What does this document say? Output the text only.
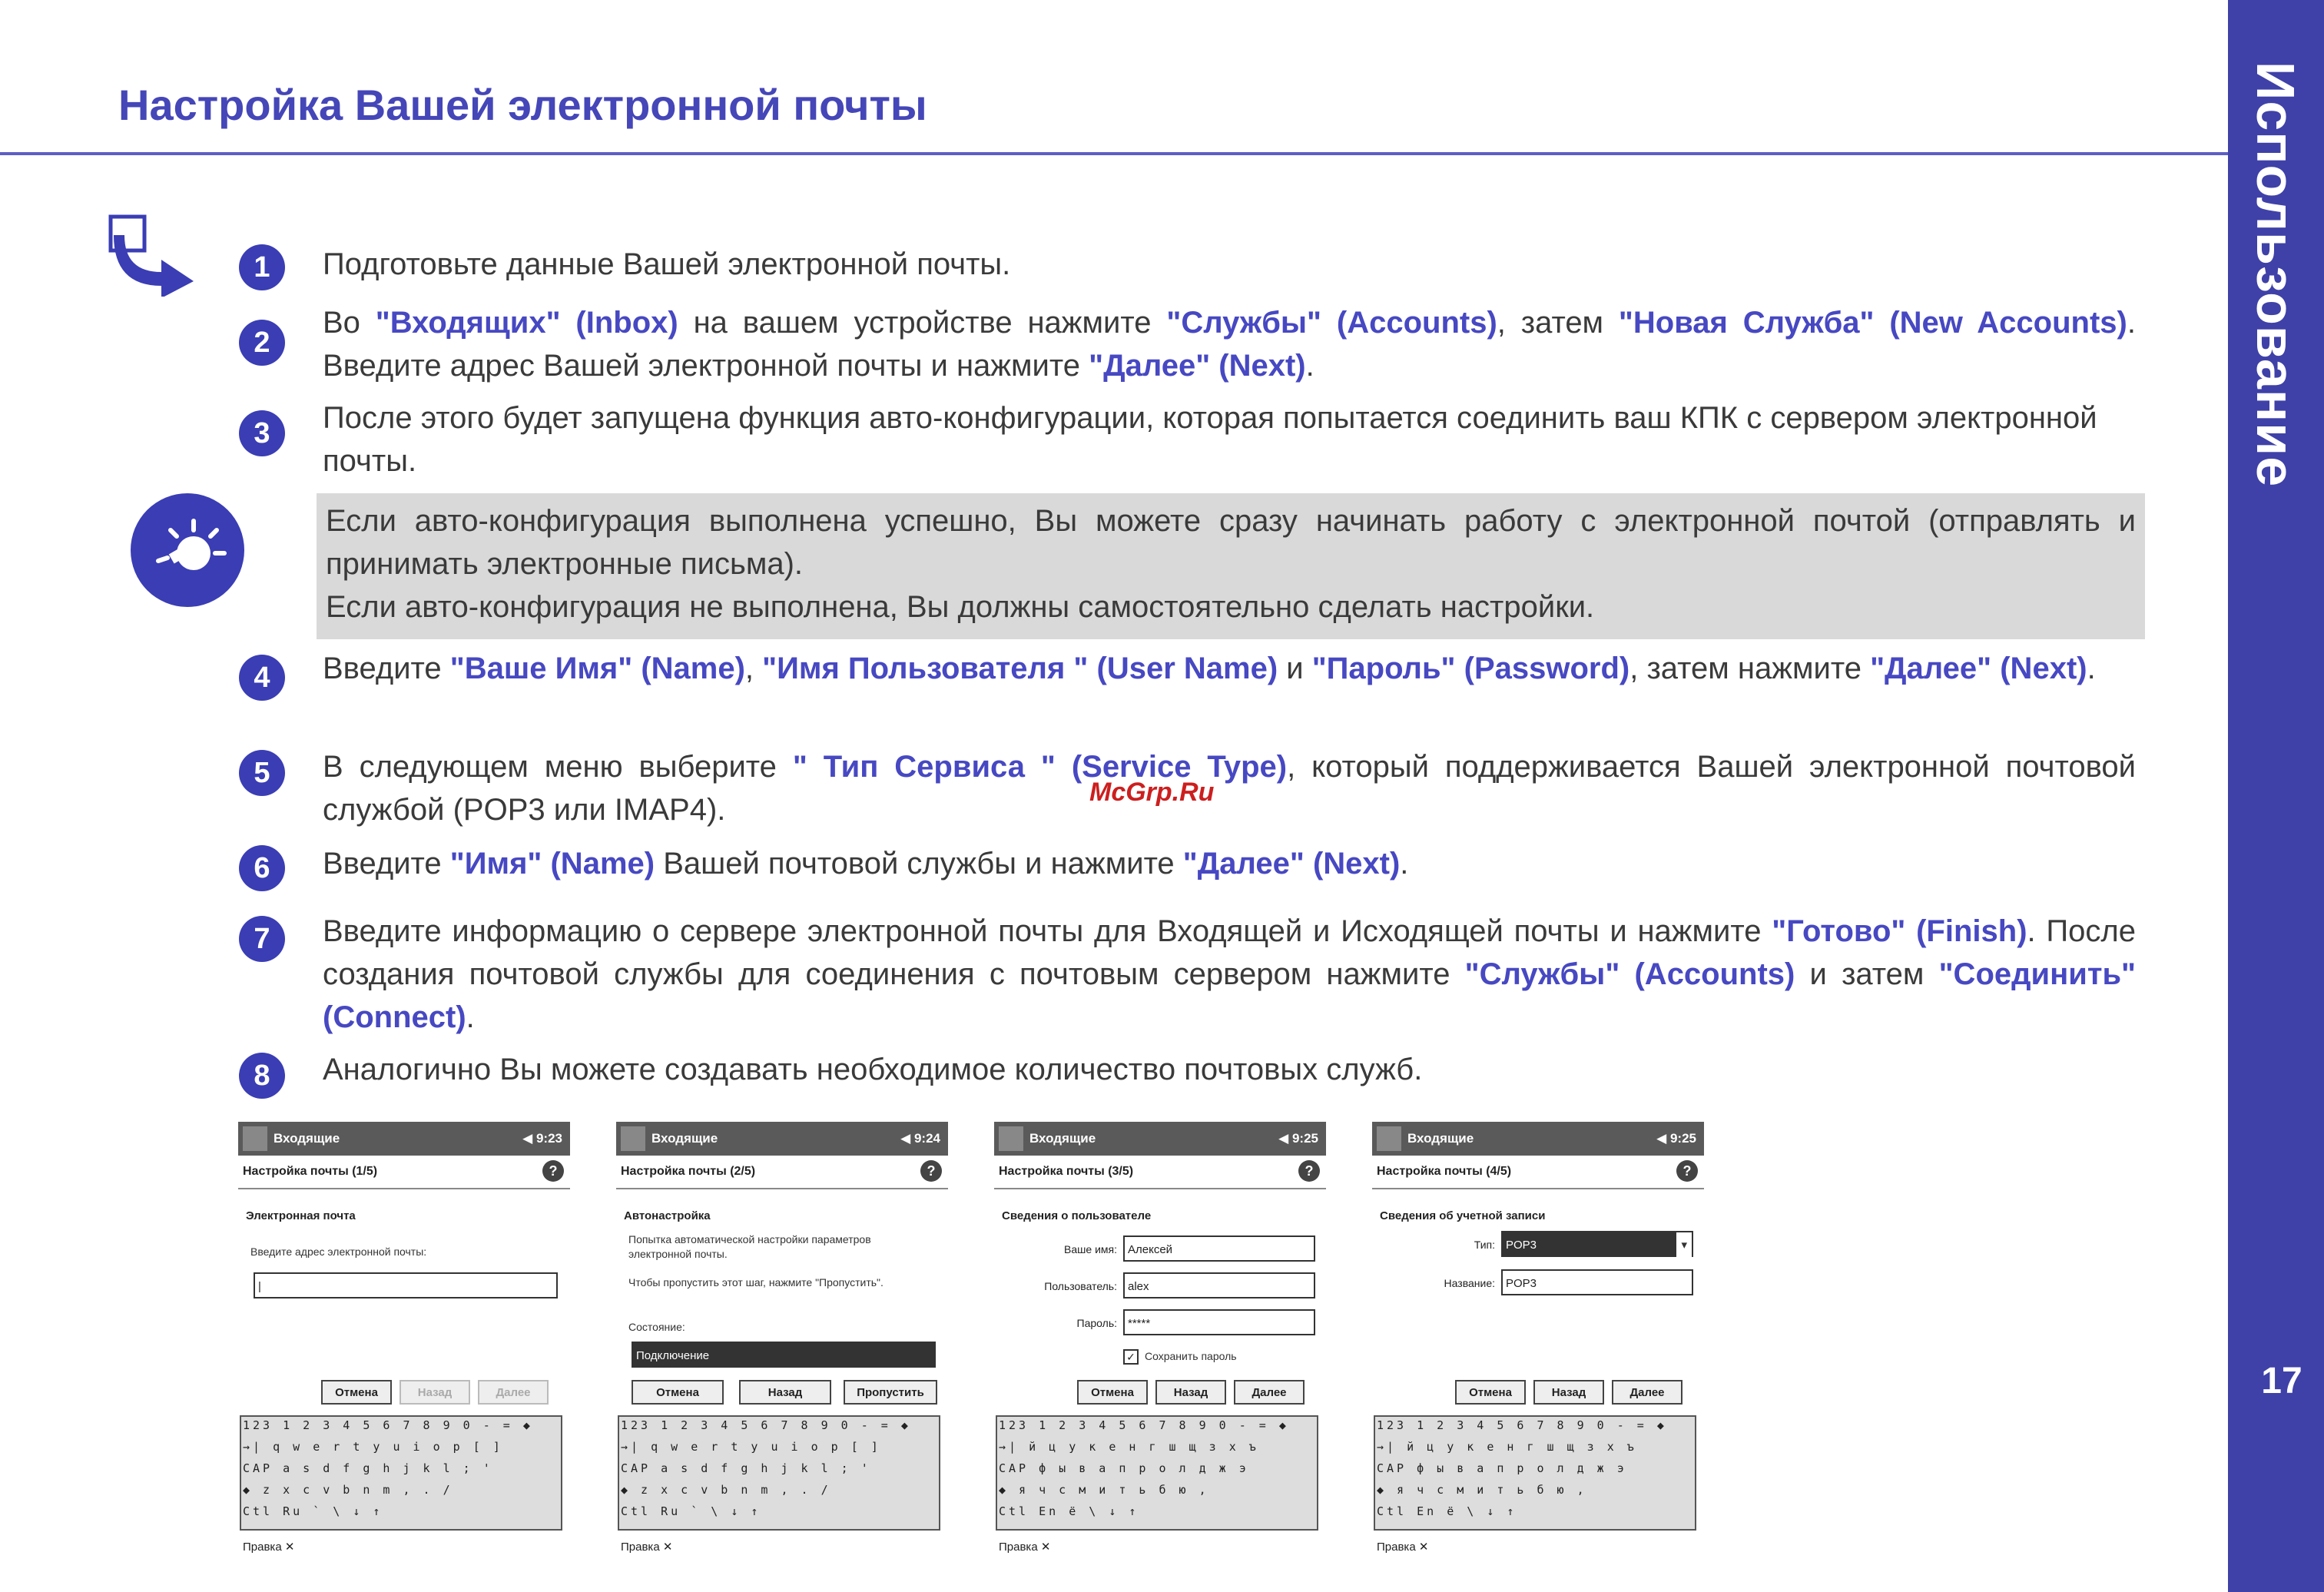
Настройка Вашей электронной почты	Использование
17
1	Подготовьте данные Вашей электронной почты.
2
Во "Входящих" (Inbox) на вашем устройстве нажмите "Службы" (Accounts), затем "Новая Служба" (New Accounts). Введите адрес Вашей электронной почты и нажмите "Далее" (Next).
3	После этого будет запущена функция авто-конфигурации, которая попытается соединить ваш КПК с сервером электронной почты.
Если авто-конфигурация выполнена успешно, Вы можете сразу начинать работу с электронной почтой (отправлять и принимать электронные письма).
Если авто-конфигурация не выполнена, Вы должны самостоятельно сделать настройки.
4	Введите "Ваше Имя" (Name), "Имя Пользователя " (User Name) и "Пароль" (Password), затем нажмите "Далее" (Next).
5	В следующем меню выберите " Тип Сервиса " (Service Type), который поддерживается Вашей электронной почтовой службой (POP3 или IMAP4).
6	Введите "Имя" (Name) Вашей почтовой службы и нажмите "Далее" (Next).
7	Введите информацию о сервере электронной почты для Входящей и Исходящей почты и нажмите "Готово" (Finish). После создания почтовой службы для соединения с почтовым сервером нажмите "Службы" (Accounts) и затем "Соединить" (Connect).
8	Аналогично Вы можете создавать необходимое количество почтовых служб.
McGrp.Ru
Входящие	◀ 9:23
Настройка почты (1/5)	?
Электронная почта
Введите адрес электронной почты:
|
Отмена	Назад	Далее
123 1 2 3 4 5 6 7 8 9 0 - = ◆
→| q w e r t y u i o p [ ]
CAP a s d f g h j k l ; '
◆ z x c v b n m , . /
Ctl Ru ` \ ↓ ↑
Правка ✕
Входящие	◀ 9:24
Настройка почты (2/5)	?
Автонастройка
Попытка автоматической настройки параметров электронной почты.
Чтобы пропустить этот шаг, нажмите "Пропустить".
Состояние:
Подключение
Отмена	Назад	Пропустить
123 1 2 3 4 5 6 7 8 9 0 - = ◆
→| q w e r t y u i o p [ ]
CAP a s d f g h j k l ; '
◆ z x c v b n m , . /
Ctl Ru ` \ ↓ ↑
Правка ✕
Входящие	◀ 9:25
Настройка почты (3/5)	?
Сведения о пользователе
Ваше имя: Алексей
Пользователь: alex
Пароль: *****
✓ Сохранить пароль
Отмена	Назад	Далее
123 1 2 3 4 5 6 7 8 9 0 - = ◆
→| й ц у к е н г ш щ з х ъ
CAP ф ы в а п р о л д ж э
◆ я ч с м и т ь б ю ,
Ctl En ё \ ↓ ↑
Правка ✕
Входящие	◀ 9:25
Настройка почты (4/5)	?
Сведения об учетной записи
Тип: POP3	▾
Название: POP3
Отмена	Назад	Далее
123 1 2 3 4 5 6 7 8 9 0 - = ◆
→| й ц у к е н г ш щ з х ъ
CAP ф ы в а п р о л д ж э
◆ я ч с м и т ь б ю ,
Ctl En ё \ ↓ ↑
Правка ✕
